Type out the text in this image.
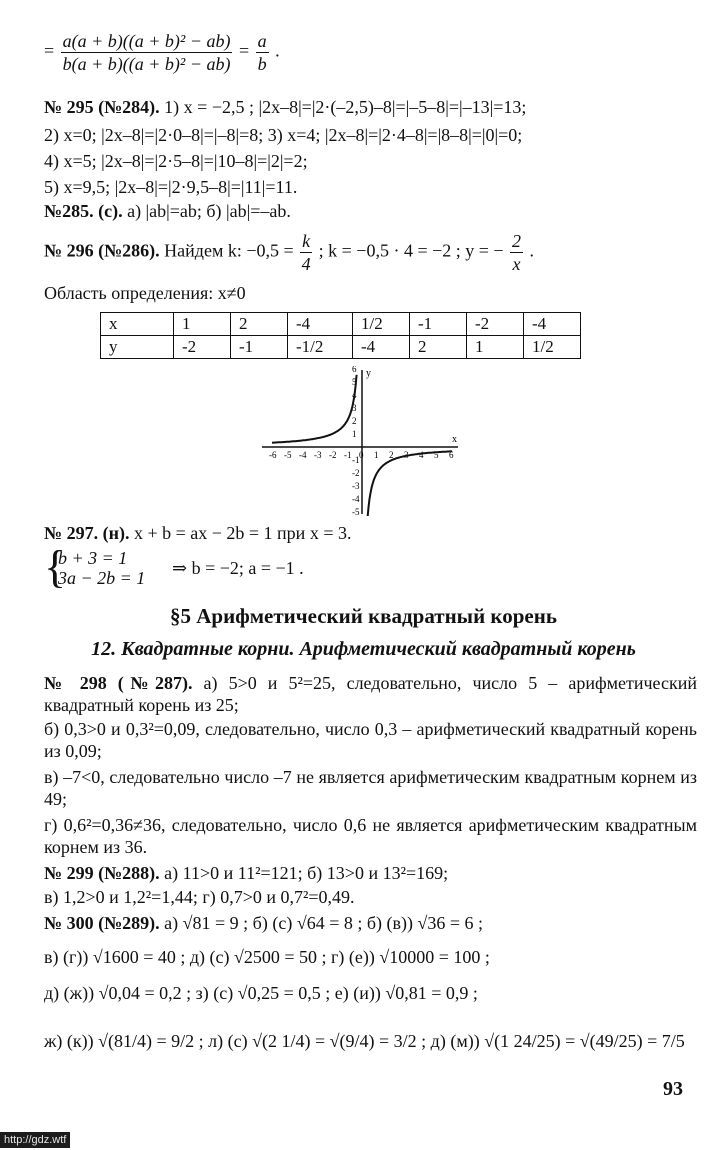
= $\frac{\text{a(a + b)((a + b)² − ab)}}{\text{b(a + b)((a + b)² − ab)}} = \frac{a}{b}$ .
№ 295 (№284). 1) x = −2,5 ; |2x–8|=|2·(–2,5)–8|=|–5–8|=|–13|=13;
2) x=0; |2x–8|=|2·0–8|=|–8|=8; 3) x=4; |2x–8|=|2·4–8|=|8–8|=|0|=0;
4) x=5; |2x–8|=|2·5–8|=|10–8|=|2|=2;
5) x=9,5; |2x–8|=|2·9,5–8|=|11|=11.
№285. (с). а) |ab|=ab; б) |ab|=–ab.
№ 296 (№286). Найдем k: $-0,5 = \frac{k}{4}$ ; k = −0,5 · 4 = −2 ; y = − $\frac{2}{x}$ .
Область определения: x≠0
x	1	2	-4	1/2	-1	-2	-4
y	-2	-1	-1/2	-4	2	1	1/2
x
y
-6 -5 -4 -3 -2 -1 0 1 2 3 4 5 6
6
5
4
3
2
1
-1
-2
-3
-4
-5
№ 297. (н). x + b = ax − 2b = 1 при x = 3.
{
b + 3 = 1
3a − 2b = 1 ⇒ b = −2; a = −1 .
§5 Арифметический квадратный корень
12. Квадратные корни. Арифметический квадратный корень
№ 298 (№287). а) 5>0 и 5²=25, следовательно, число 5 – арифметический квадратный корень из 25;
б) 0,3>0 и 0,3²=0,09, следовательно, число 0,3 – арифметический квадратный корень из 0,09;
в) –7<0, следовательно число –7 не является арифметическим квадратным корнем из 49;
г) 0,6²=0,36≠36, следовательно, число 0,6 не является арифметическим квадратным корнем из 36.
№ 299 (№288). а) 11>0 и 11²=121; б) 13>0 и 13²=169;
в) 1,2>0 и 1,2²=1,44; г) 0,7>0 и 0,7²=0,49.
№ 300 (№289). а) √81 = 9 ; б) (с) √64 = 8 ; б) (в)) √36 = 6 ;
в) (г)) √1600 = 40 ; д) (с) √2500 = 50 ; г) (е)) √10000 = 100 ;
д) (ж)) √0,04 = 0,2 ; з) (с) √0,25 = 0,5 ; е) (и)) √0,81 = 0,9 ;
ж) (к)) √(81/4) = 9/2 ; л) (с) √(2 1/4) = √(9/4) = 3/2 ; д) (м)) √(1 24/25) = √(49/25) = 7/5
93
http://gdz.wtf
